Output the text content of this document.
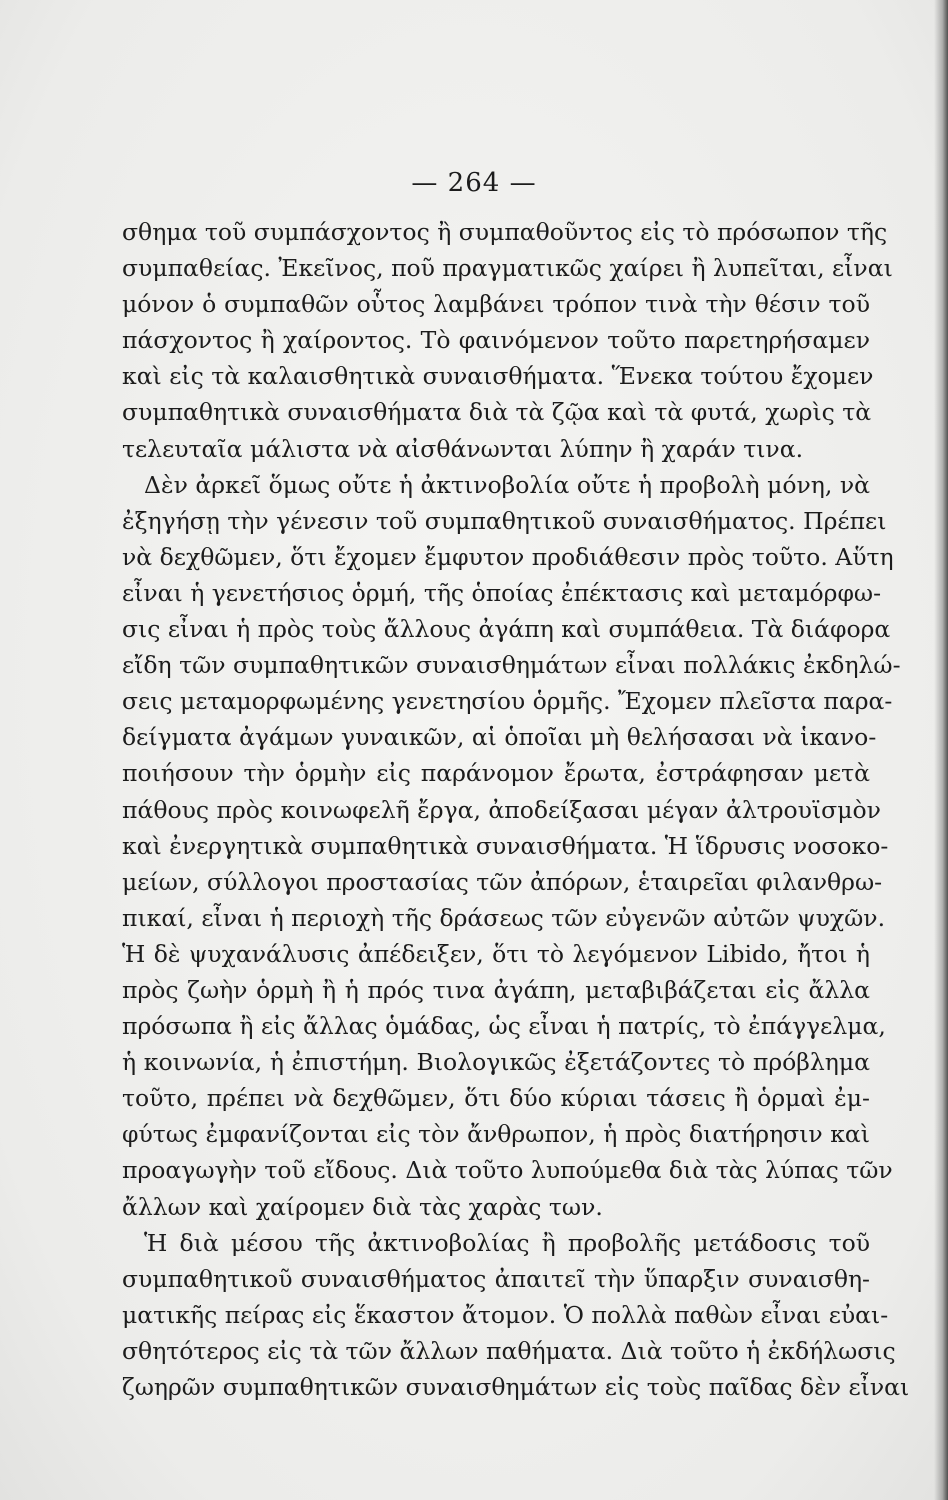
— 264 —
σθημα τοῦ συμπάσχοντος ἢ συμπαθοῦντος εἰς τὸ πρόσωπον τῆς
συμπαθείας. Ἐκεῖνος, ποῦ πραγματικῶς χαίρει ἢ λυπεῖται, εἶναι
μόνον ὁ συμπαθῶν οὗτος λαμβάνει τρόπον τινὰ τὴν θέσιν τοῦ
πάσχοντος ἢ χαίροντος. Τὸ φαινόμενον τοῦτο παρετηρήσαμεν
καὶ εἰς τὰ καλαισθητικὰ συναισθήματα. Ἕνεκα τούτου ἔχομεν
συμπαθητικὰ συναισθήματα διὰ τὰ ζῷα καὶ τὰ φυτά, χωρὶς τὰ
τελευταῖα μάλιστα νὰ αἰσθάνωνται λύπην ἢ χαράν τινα.
Δὲν ἀρκεῖ ὅμως οὔτε ἡ ἀκτινοβολία οὔτε ἡ προβολὴ μόνη, νὰ
ἐξηγήσῃ τὴν γένεσιν τοῦ συμπαθητικοῦ συναισθήματος. Πρέπει
νὰ δεχθῶμεν, ὅτι ἔχομεν ἔμφυτον προδιάθεσιν πρὸς τοῦτο. Αὕτη
εἶναι ἡ γενετήσιος ὁρμή, τῆς ὁποίας ἐπέκτασις καὶ μεταμόρφω-
σις εἶναι ἡ πρὸς τοὺς ἄλλους ἀγάπη καὶ συμπάθεια. Τὰ διάφορα
εἴδη τῶν συμπαθητικῶν συναισθημάτων εἶναι πολλάκις ἐκδηλώ-
σεις μεταμορφωμένης γενετησίου ὁρμῆς. Ἔχομεν πλεῖστα παρα-
δείγματα ἀγάμων γυναικῶν, αἱ ὁποῖαι μὴ θελήσασαι νὰ ἱκανο-
ποιήσουν τὴν ὁρμὴν εἰς παράνομον ἔρωτα, ἐστράφησαν μετὰ
πάθους πρὸς κοινωφελῆ ἔργα, ἀποδείξασαι μέγαν ἀλτρουϊσμὸν
καὶ ἐνεργητικὰ συμπαθητικὰ συναισθήματα. Ἡ ἵδρυσις νοσοκο-
μείων, σύλλογοι προστασίας τῶν ἀπόρων, ἑταιρεῖαι φιλανθρω-
πικαί, εἶναι ἡ περιοχὴ τῆς δράσεως τῶν εὐγενῶν αὐτῶν ψυχῶν.
Ἡ δὲ ψυχανάλυσις ἀπέδειξεν, ὅτι τὸ λεγόμενον Libido, ἤτοι ἡ
πρὸς ζωὴν ὁρμὴ ἢ ἡ πρός τινα ἀγάπη, μεταβιβάζεται εἰς ἄλλα
πρόσωπα ἢ εἰς ἄλλας ὁμάδας, ὡς εἶναι ἡ πατρίς, τὸ ἐπάγγελμα,
ἡ κοινωνία, ἡ ἐπιστήμη. Βιολογικῶς ἐξετάζοντες τὸ πρόβλημα
τοῦτο, πρέπει νὰ δεχθῶμεν, ὅτι δύο κύριαι τάσεις ἢ ὁρμαὶ ἐμ-
φύτως ἐμφανίζονται εἰς τὸν ἄνθρωπον, ἡ πρὸς διατήρησιν καὶ
προαγωγὴν τοῦ εἴδους. Διὰ τοῦτο λυπούμεθα διὰ τὰς λύπας τῶν
ἄλλων καὶ χαίρομεν διὰ τὰς χαρὰς των.
Ἡ διὰ μέσου τῆς ἀκτινοβολίας ἢ προβολῆς μετάδοσις τοῦ
συμπαθητικοῦ συναισθήματος ἀπαιτεῖ τὴν ὕπαρξιν συναισθη-
ματικῆς πείρας εἰς ἕκαστον ἄτομον. Ὁ πολλὰ παθὼν εἶναι εὐαι-
σθητότερος εἰς τὰ τῶν ἄλλων παθήματα. Διὰ τοῦτο ἡ ἐκδήλωσις
ζωηρῶν συμπαθητικῶν συναισθημάτων εἰς τοὺς παῖδας δὲν εἶναι
